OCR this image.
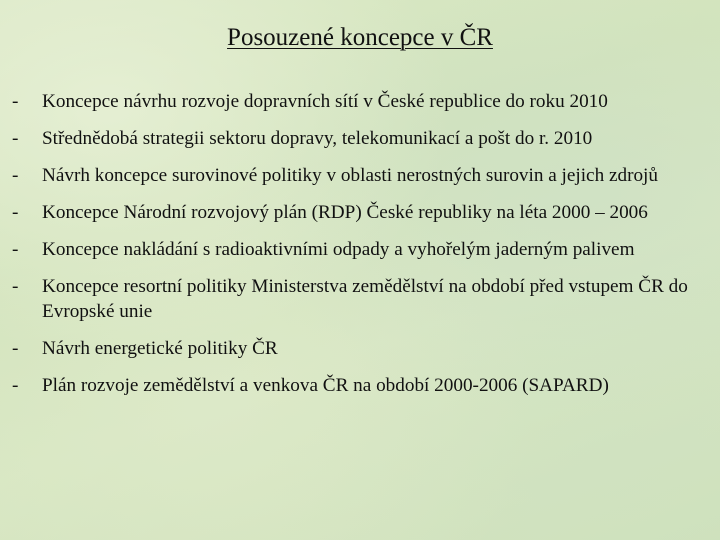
Posouzené koncepce v ČR
- Koncepce návrhu rozvoje dopravních sítí v České republice do roku 2010
- Střednědobá strategii sektoru dopravy, telekomunikací a pošt do r. 2010
- Návrh koncepce surovinové politiky v oblasti nerostných surovin a jejich zdrojů
- Koncepce Národní rozvojový plán (RDP) České republiky na léta 2000 – 2006
- Koncepce nakládání s radioaktivními odpady a vyhořelým jaderným palivem
- Koncepce resortní politiky Ministerstva zemědělství na období před vstupem ČR do Evropské unie
- Návrh energetické politiky ČR
- Plán rozvoje zemědělství a venkova ČR na období 2000-2006 (SAPARD)
